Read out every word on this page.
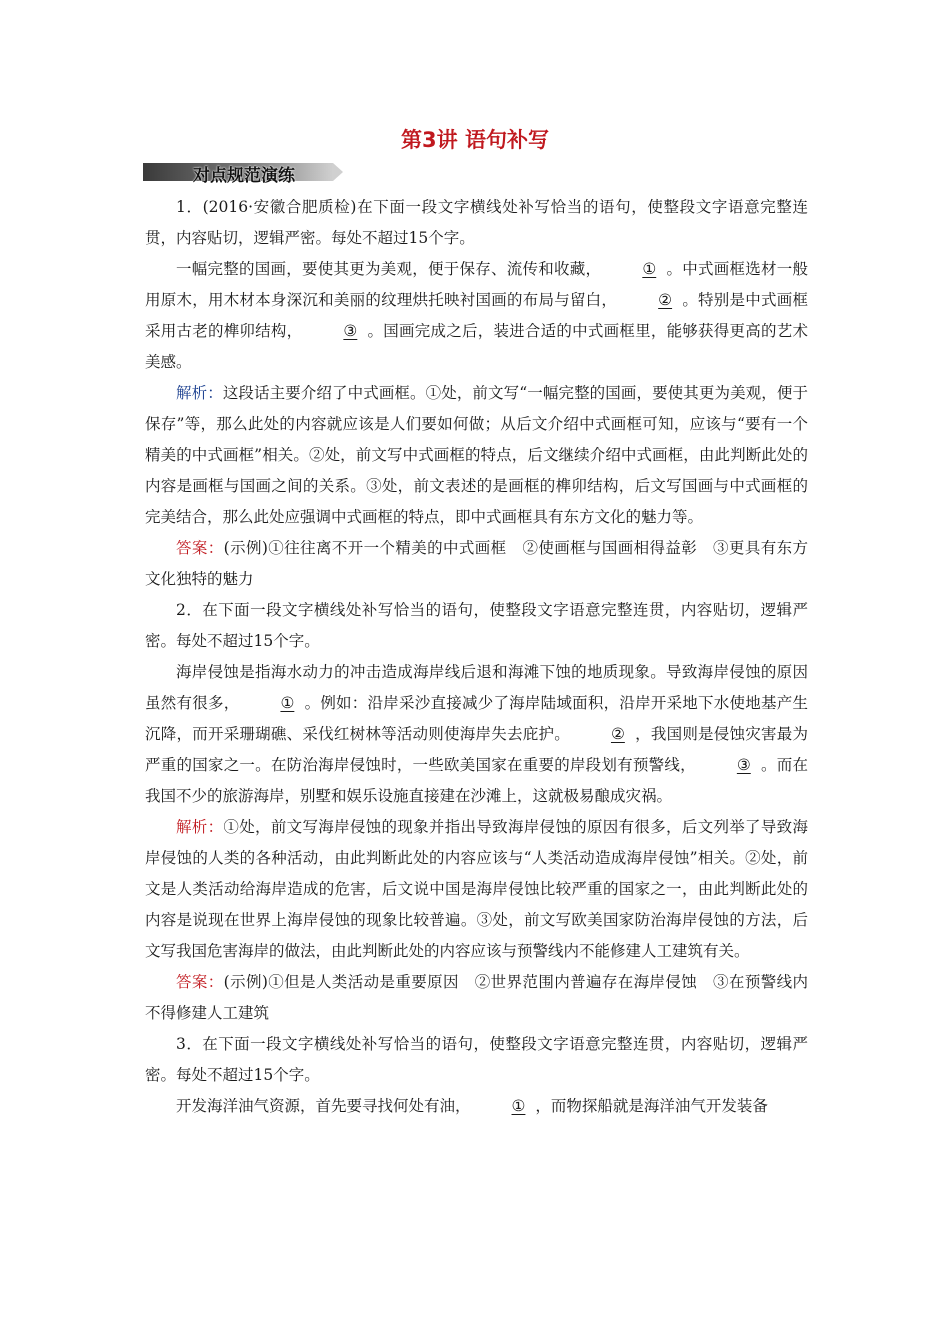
第3讲 语句补写
对点规范演练

1．(2016·安徽合肥质检)在下面一段文字横线处补写恰当的语句，使整段文字语意完整连贯，内容贴切，逻辑严密。每处不超过15个字。

一幅完整的国画，要使其更为美观，便于保存、流传和收藏，	① 。中式画框选材一般用原木，用木材本身深沉和美丽的纹理烘托映衬国画的布局与留白，	② 。特别是中式画框采用古老的榫卯结构，	③ 。国画完成之后，装进合适的中式画框里，能够获得更高的艺术美感。

解析：这段话主要介绍了中式画框。①处，前文写“一幅完整的国画，要使其更为美观，便于保存”等，那么此处的内容就应该是人们要如何做；从后文介绍中式画框可知，应该与“要有一个精美的中式画框”相关。②处，前文写中式画框的特点，后文继续介绍中式画框，由此判断此处的内容是画框与国画之间的关系。③处，前文表述的是画框的榫卯结构，后文写国画与中式画框的完美结合，那么此处应强调中式画框的特点，即中式画框具有东方文化的魅力等。

答案：(示例)①往往离不开一个精美的中式画框　②使画框与国画相得益彰　③更具有东方文化独特的魅力

2．在下面一段文字横线处补写恰当的语句，使整段文字语意完整连贯，内容贴切，逻辑严密。每处不超过15个字。

海岸侵蚀是指海水动力的冲击造成海岸线后退和海滩下蚀的地质现象。导致海岸侵蚀的原因虽然有很多，	① 。例如：沿岸采沙直接减少了海岸陆域面积，沿岸开采地下水使地基产生沉降，而开采珊瑚礁、采伐红树林等活动则使海岸失去庇护。	② ，我国则是侵蚀灾害最为严重的国家之一。在防治海岸侵蚀时，一些欧美国家在重要的岸段划有预警线，	③ 。而在我国不少的旅游海岸，别墅和娱乐设施直接建在沙滩上，这就极易酿成灾祸。

解析：①处，前文写海岸侵蚀的现象并指出导致海岸侵蚀的原因有很多，后文列举了导致海岸侵蚀的人类的各种活动，由此判断此处的内容应该与“人类活动造成海岸侵蚀”相关。②处，前文是人类活动给海岸造成的危害，后文说中国是海岸侵蚀比较严重的国家之一，由此判断此处的内容是说现在世界上海岸侵蚀的现象比较普遍。③处，前文写欧美国家防治海岸侵蚀的方法，后文写我国危害海岸的做法，由此判断此处的内容应该与预警线内不能修建人工建筑有关。

答案：(示例)①但是人类活动是重要原因　②世界范围内普遍存在海岸侵蚀　③在预警线内不得修建人工建筑

3．在下面一段文字横线处补写恰当的语句，使整段文字语意完整连贯，内容贴切，逻辑严密。每处不超过15个字。

开发海洋油气资源，首先要寻找何处有油，	① ，而物探船就是海洋油气开发装备
